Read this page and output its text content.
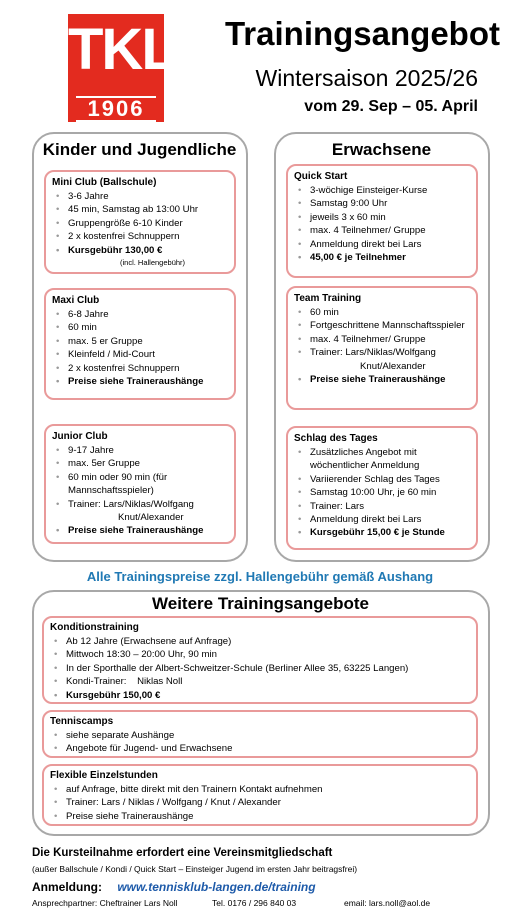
TKL
1906
Trainingsangebot
Wintersaison 2025/26
vom 29. Sep – 05. April
Kinder und Jugendliche
Mini Club (Ballschule)
• 3-6 Jahre
• 45 min, Samstag ab 13:00 Uhr
• Gruppengröße 6-10 Kinder
• 2 x kostenfrei Schnuppern
• Kursgebühr 130,00 €
(incl. Hallengebühr)
Maxi Club
• 6-8 Jahre
• 60 min
• max. 5 er Gruppe
• Kleinfeld / Mid-Court
• 2 x kostenfrei Schnuppern
• Preise siehe Traineraushänge
Junior Club
• 9-17 Jahre
• max. 5er Gruppe
• 60 min oder 90 min (für Mannschaftsspieler)
• Trainer: Lars/Niklas/Wolfgang
Knut/Alexander
• Preise siehe Traineraushänge
Erwachsene
Quick Start
• 3-wöchige Einsteiger-Kurse
• Samstag 9:00 Uhr
• jeweils 3 x 60 min
• max. 4 Teilnehmer/ Gruppe
• Anmeldung direkt bei Lars
• 45,00 € je Teilnehmer
Team Training
• 60 min
• Fortgeschrittene Mannschaftsspieler
• max. 4 Teilnehmer/ Gruppe
• Trainer: Lars/Niklas/Wolfgang
Knut/Alexander
• Preise siehe Traineraushänge
Schlag des Tages
• Zusätzliches Angebot mit wöchentlicher Anmeldung
• Variierender Schlag des Tages
• Samstag 10:00 Uhr, je 60 min
• Trainer: Lars
• Anmeldung direkt bei Lars
• Kursgebühr 15,00 € je Stunde
Alle Trainingspreise zzgl. Hallengebühr gemäß Aushang
Weitere Trainingsangebote
Konditionstraining
• Ab 12 Jahre (Erwachsene auf Anfrage)
• Mittwoch 18:30 – 20:00 Uhr, 90 min
• In der Sporthalle der Albert-Schweitzer-Schule (Berliner Allee 35, 63225 Langen)
• Kondi-Trainer:    Niklas Noll
• Kursgebühr 150,00 €
Tenniscamps
• siehe separate Aushänge
• Angebote für Jugend- und Erwachsene
Flexible Einzelstunden
• auf Anfrage, bitte direkt mit den Trainern Kontakt aufnehmen
• Trainer: Lars / Niklas / Wolfgang / Knut / Alexander
• Preise siehe Traineraushänge
Die Kursteilnahme erfordert eine Vereinsmitgliedschaft
(außer Ballschule / Kondi / Quick Start – Einsteiger Jugend im ersten Jahr beitragsfrei)
Anmeldung: www.tennisklub-langen.de/training
Ansprechpartner: Cheftrainer Lars Noll	Tel. 0176 / 296 840 03	email: lars.noll@aol.de
